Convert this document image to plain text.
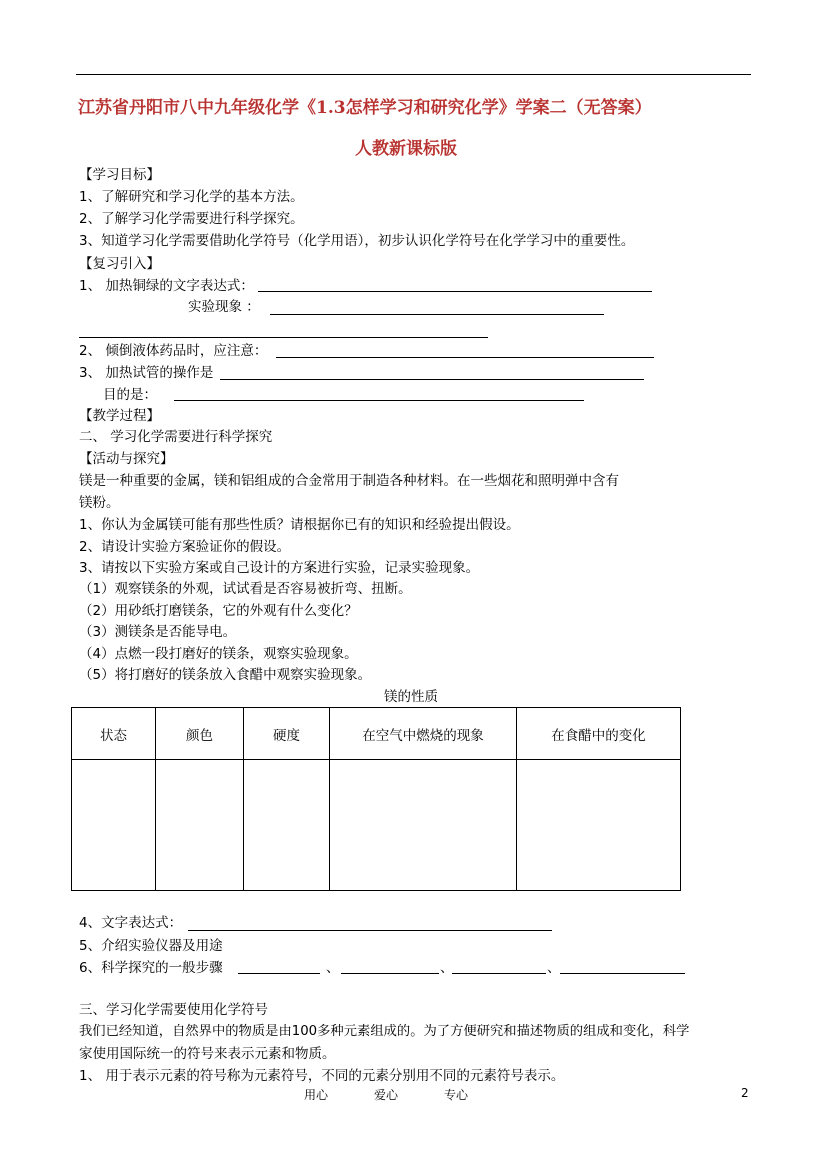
江苏省丹阳市八中九年级化学《1.3怎样学习和研究化学》学案二（无答案）
人教新课标版
【学习目标】
1、了解研究和学习化学的基本方法。
2、了解学习化学需要进行科学探究。
3、知道学习化学需要借助化学符号（化学用语），初步认识化学符号在化学学习中的重要性。
【复习引入】
1、 加热铜绿的文字表达式：
实验现象 ：
2、 倾倒液体药品时，应注意：
3、 加热试管的操作是
目的是：
【教学过程】
二、 学习化学需要进行科学探究
【活动与探究】
镁是一种重要的金属，镁和铝组成的合金常用于制造各种材料。在一些烟花和照明弹中含有
镁粉。
1、你认为金属镁可能有那些性质？请根据你已有的知识和经验提出假设。
2、请设计实验方案验证你的假设。
3、请按以下实验方案或自己设计的方案进行实验，记录实验现象。
（1）观察镁条的外观，试试看是否容易被折弯、扭断。
（2）用砂纸打磨镁条，它的外观有什么变化？
（3）测镁条是否能导电。
（4）点燃一段打磨好的镁条，观察实验现象。
（5）将打磨好的镁条放入食醋中观察实验现象。
镁的性质
状态	颜色	硬度	在空气中燃烧的现象	在食醋中的变化

4、文字表达式：
5、介绍实验仪器及用途
6、科学探究的一般步骤	、	、	、
三、学习化学需要使用化学符号
我们已经知道，自然界中的物质是由100多种元素组成的。为了方便研究和描述物质的组成和变化，科学
家使用国际统一的符号来表示元素和物质。
1、 用于表示元素的符号称为元素符号，不同的元素分别用不同的元素符号表示。
用心	爱心	专心	2
